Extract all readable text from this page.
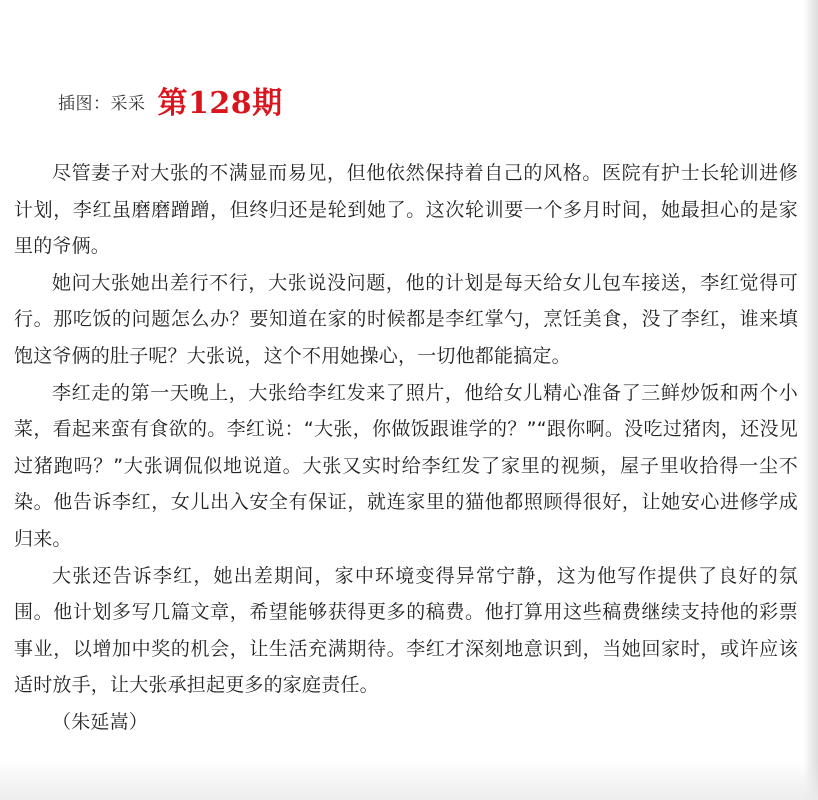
插图：采采 第128期

尽管妻子对大张的不满显而易见，但他依然保持着自己的风格。医院有护士长轮训进修计划，李红虽磨磨蹭蹭，但终归还是轮到她了。这次轮训要一个多月时间，她最担心的是家里的爷俩。

她问大张她出差行不行，大张说没问题，他的计划是每天给女儿包车接送，李红觉得可行。那吃饭的问题怎么办？要知道在家的时候都是李红掌勺，烹饪美食，没了李红，谁来填饱这爷俩的肚子呢？大张说，这个不用她操心，一切他都能搞定。

李红走的第一天晚上，大张给李红发来了照片，他给女儿精心准备了三鲜炒饭和两个小菜，看起来蛮有食欲的。李红说：“大张，你做饭跟谁学的？”“跟你啊。没吃过猪肉，还没见过猪跑吗？”大张调侃似地说道。大张又实时给李红发了家里的视频，屋子里收拾得一尘不染。他告诉李红，女儿出入安全有保证，就连家里的猫他都照顾得很好，让她安心进修学成归来。

大张还告诉李红，她出差期间，家中环境变得异常宁静，这为他写作提供了良好的氛围。他计划多写几篇文章，希望能够获得更多的稿费。他打算用这些稿费继续支持他的彩票事业，以增加中奖的机会，让生活充满期待。李红才深刻地意识到，当她回家时，或许应该适时放手，让大张承担起更多的家庭责任。

（朱延嵩）
